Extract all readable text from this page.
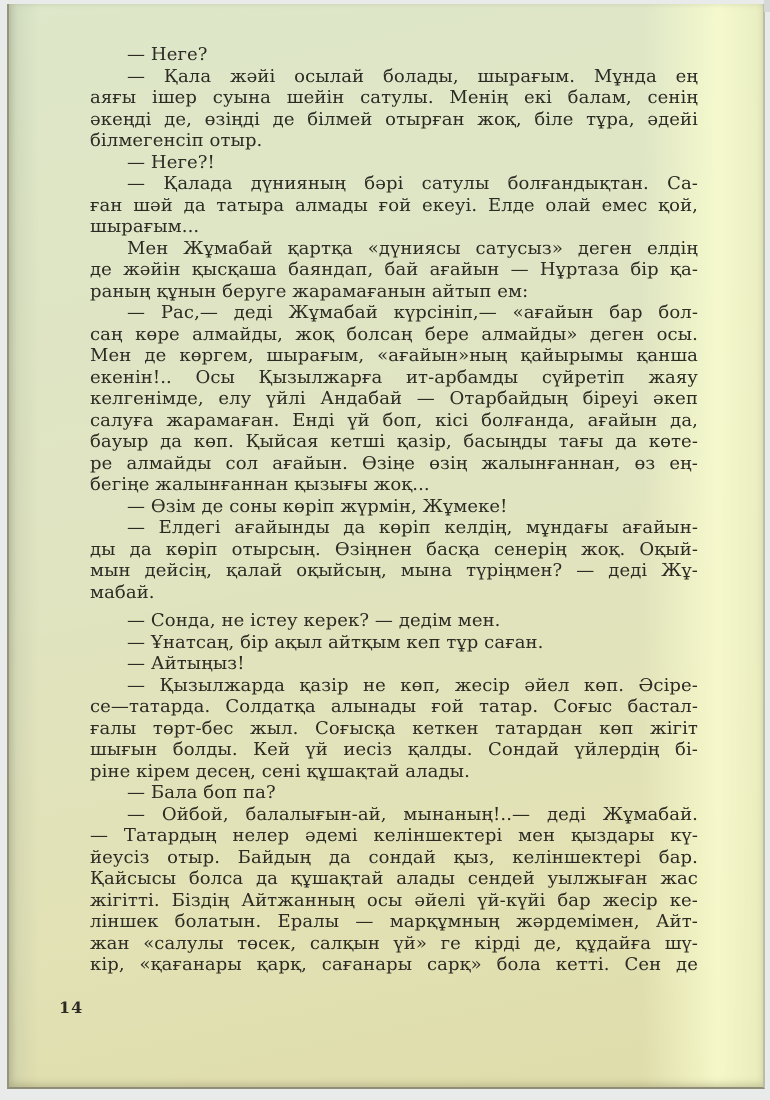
— Неге?
— Қала жәйі осылай болады, шырағым. Мұнда ең
аяғы ішер суына шейін сатулы. Менің екі балам, сенің
әкеңді де, өзіңді де білмей отырған жоқ, біле тұра, әдейі
білмегенсіп отыр.
— Неге?!
— Қалада дүнияның бәрі сатулы болғандықтан. Са-
ған шәй да татыра алмады ғой екеуі. Елде олай емес қой,
шырағым...
Мен Жұмабай қартқа «дүниясы сатусыз» деген елдің
де жәйін қысқаша баяндап, бай ағайын — Нұртаза бір қа-
раның құнын беруге жарамағанын айтып ем:
— Рас,— деді Жұмабай күрсініп,— «ағайын бар бол-
саң көре алмайды, жоқ болсаң бере алмайды» деген осы.
Мен де көргем, шырағым, «ағайын»ның қайырымы қанша
екенін!.. Осы Қызылжарға ит-арбамды сүйретіп жаяу
келгенімде, елу үйлі Андабай — Отарбайдың біреуі әкеп
салуға жарамаған. Енді үй боп, кісі болғанда, ағайын да,
бауыр да көп. Қыйсая кетші қазір, басыңды тағы да көте-
ре алмайды сол ағайын. Өзіңе өзің жалынғаннан, өз ең-
бегіңе жалынғаннан қызығы жоқ...
— Өзім де соны көріп жүрмін, Жұмеке!
— Елдегі ағайынды да көріп келдің, мұндағы ағайын-
ды да көріп отырсың. Өзіңнен басқа сенерің жоқ. Оқый-
мын дейсің, қалай оқыйсың, мына түріңмен? — деді Жұ-
мабай.
— Сонда, не істеу керек? — дедім мен.
— Ұнатсаң, бір ақыл айтқым кеп тұр саған.
— Айтыңыз!
— Қызылжарда қазір не көп, жесір әйел көп. Әсіре-
се—татарда. Солдатқа алынады ғой татар. Соғыс бастал-
ғалы төрт-бес жыл. Соғысқа кеткен татардан көп жігіт
шығын болды. Кей үй иесіз қалды. Сондай үйлердің бі-
ріне кірем десең, сені құшақтай алады.
— Бала боп па?
— Ойбой, балалығын-ай, мынаның!..— деді Жұмабай.
— Татардың нелер әдемі келіншектері мен қыздары кү-
йеусіз отыр. Байдың да сондай қыз, келіншектері бар.
Қайсысы болса да құшақтай алады сендей уылжыған жас
жігітті. Біздің Айтжанның осы әйелі үй-күйі бар жесір ке-
ліншек болатын. Ералы — марқұмның жәрдемімен, Айт-
жан «салулы төсек, салқын үй» ге кірді де, құдайға шү-
кір, «қағанары қарқ, сағанары сарқ» бола кетті. Сен де
14
